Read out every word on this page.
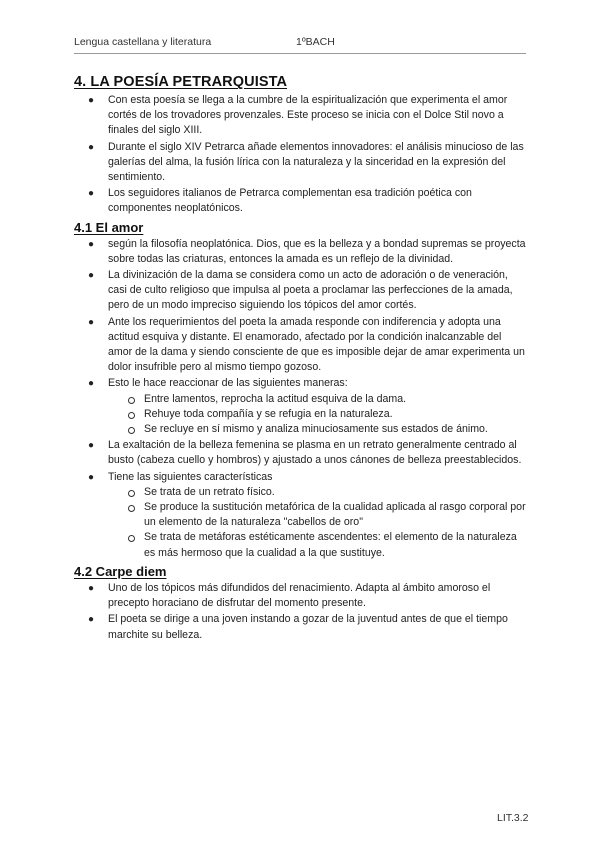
Lengua castellana y literatura	1ºBACH
4. LA POESÍA PETRARQUISTA
● Con esta poesía se llega a la cumbre de la espiritualización que experimenta el amor cortés de los trovadores provenzales. Este proceso se inicia con el Dolce Stil novo a finales del siglo XIII.
● Durante el siglo XIV Petrarca añade elementos innovadores: el análisis minucioso de las galerías del alma, la fusión lírica con la naturaleza y la sinceridad en la expresión del sentimiento.
● Los seguidores italianos de Petrarca complementan esa tradición poética con componentes neoplatónicos.
4.1 El amor
● según la filosofía neoplatónica. Dios, que es la belleza y a bondad supremas se proyecta sobre todas las criaturas, entonces la amada es un reflejo de la divinidad.
● La divinización de la dama se considera como un acto de adoración o de veneración, casi de culto religioso que impulsa al poeta a proclamar las perfecciones de la amada, pero de un modo impreciso siguiendo los tópicos del amor cortés.
● Ante los requerimientos del poeta la amada responde con indiferencia y adopta una actitud esquiva y distante. El enamorado, afectado por la condición inalcanzable del amor de la dama y siendo consciente de que es imposible dejar de amar experimenta un dolor insufrible pero al mismo tiempo gozoso.
● Esto le hace reaccionar de las siguientes maneras:
Entre lamentos, reprocha la actitud esquiva de la dama.
Rehuye toda compañía y se refugia en la naturaleza.
Se recluye en sí mismo y analiza minuciosamente sus estados de ánimo.
● La exaltación de la belleza femenina se plasma en un retrato generalmente centrado al busto (cabeza cuello y hombros) y ajustado a unos cánones de belleza preestablecidos.
● Tiene las siguientes características
Se trata de un retrato físico.
Se produce la sustitución metafórica de la cualidad aplicada al rasgo corporal por un elemento de la naturaleza "cabellos de oro"
Se trata de metáforas estéticamente ascendentes: el elemento de la naturaleza es más hermoso que la cualidad a la que sustituye.
4.2 Carpe diem
● Uno de los tópicos más difundidos del renacimiento. Adapta al ámbito amoroso el precepto horaciano de disfrutar del momento presente.
● El poeta se dirige a una joven instando a gozar de la juventud antes de que el tiempo marchite su belleza.
LIT.3.2
